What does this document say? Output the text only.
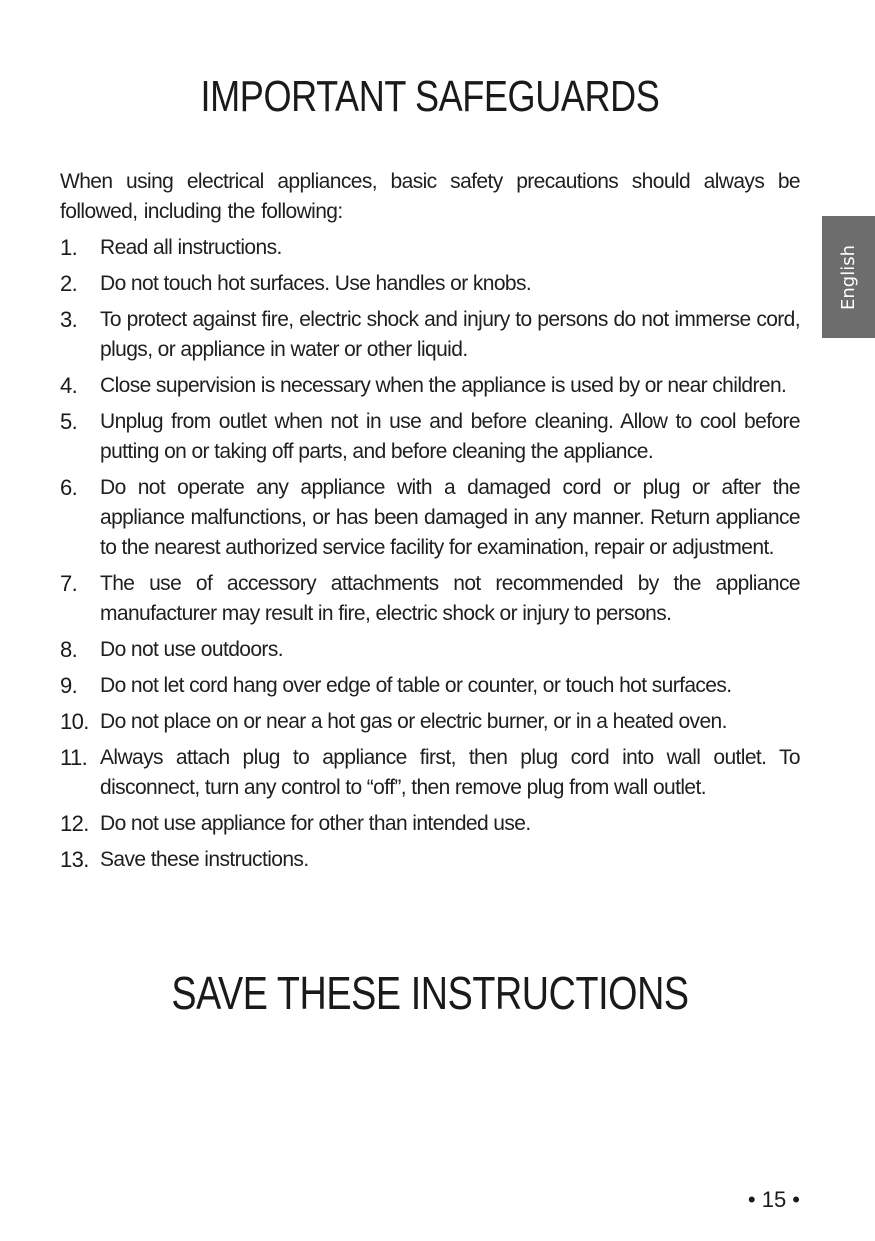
IMPORTANT SAFEGUARDS
English

When using electrical appliances, basic safety precautions should always be followed, including the following:

1.	Read all instructions.
2.	Do not touch hot surfaces. Use handles or knobs.
3.	To protect against fire, electric shock and injury to persons do not immerse cord, plugs, or appliance in water or other liquid.
4.	Close supervision is necessary when the appliance is used by or near children.
5.	Unplug from outlet when not in use and before cleaning. Allow to cool before putting on or taking off parts, and before cleaning the appliance.
6.	Do not operate any appliance with a damaged cord or plug or after the appliance malfunctions, or has been damaged in any manner. Return appliance to the nearest authorized service facility for examination, repair or adjustment.
7.	The use of accessory attachments not recommended by the appliance manufacturer may result in fire, electric shock or injury to persons.
8.	Do not use outdoors.
9.	Do not let cord hang over edge of table or counter, or touch hot surfaces.
10. Do not place on or near a hot gas or electric burner, or in a heated oven.
11. Always attach plug to appliance first, then plug cord into wall outlet. To disconnect, turn any control to “off”, then remove plug from wall outlet.
12. Do not use appliance for other than intended use.
13. Save these instructions.
SAVE THESE INSTRUCTIONS
• 15 •
